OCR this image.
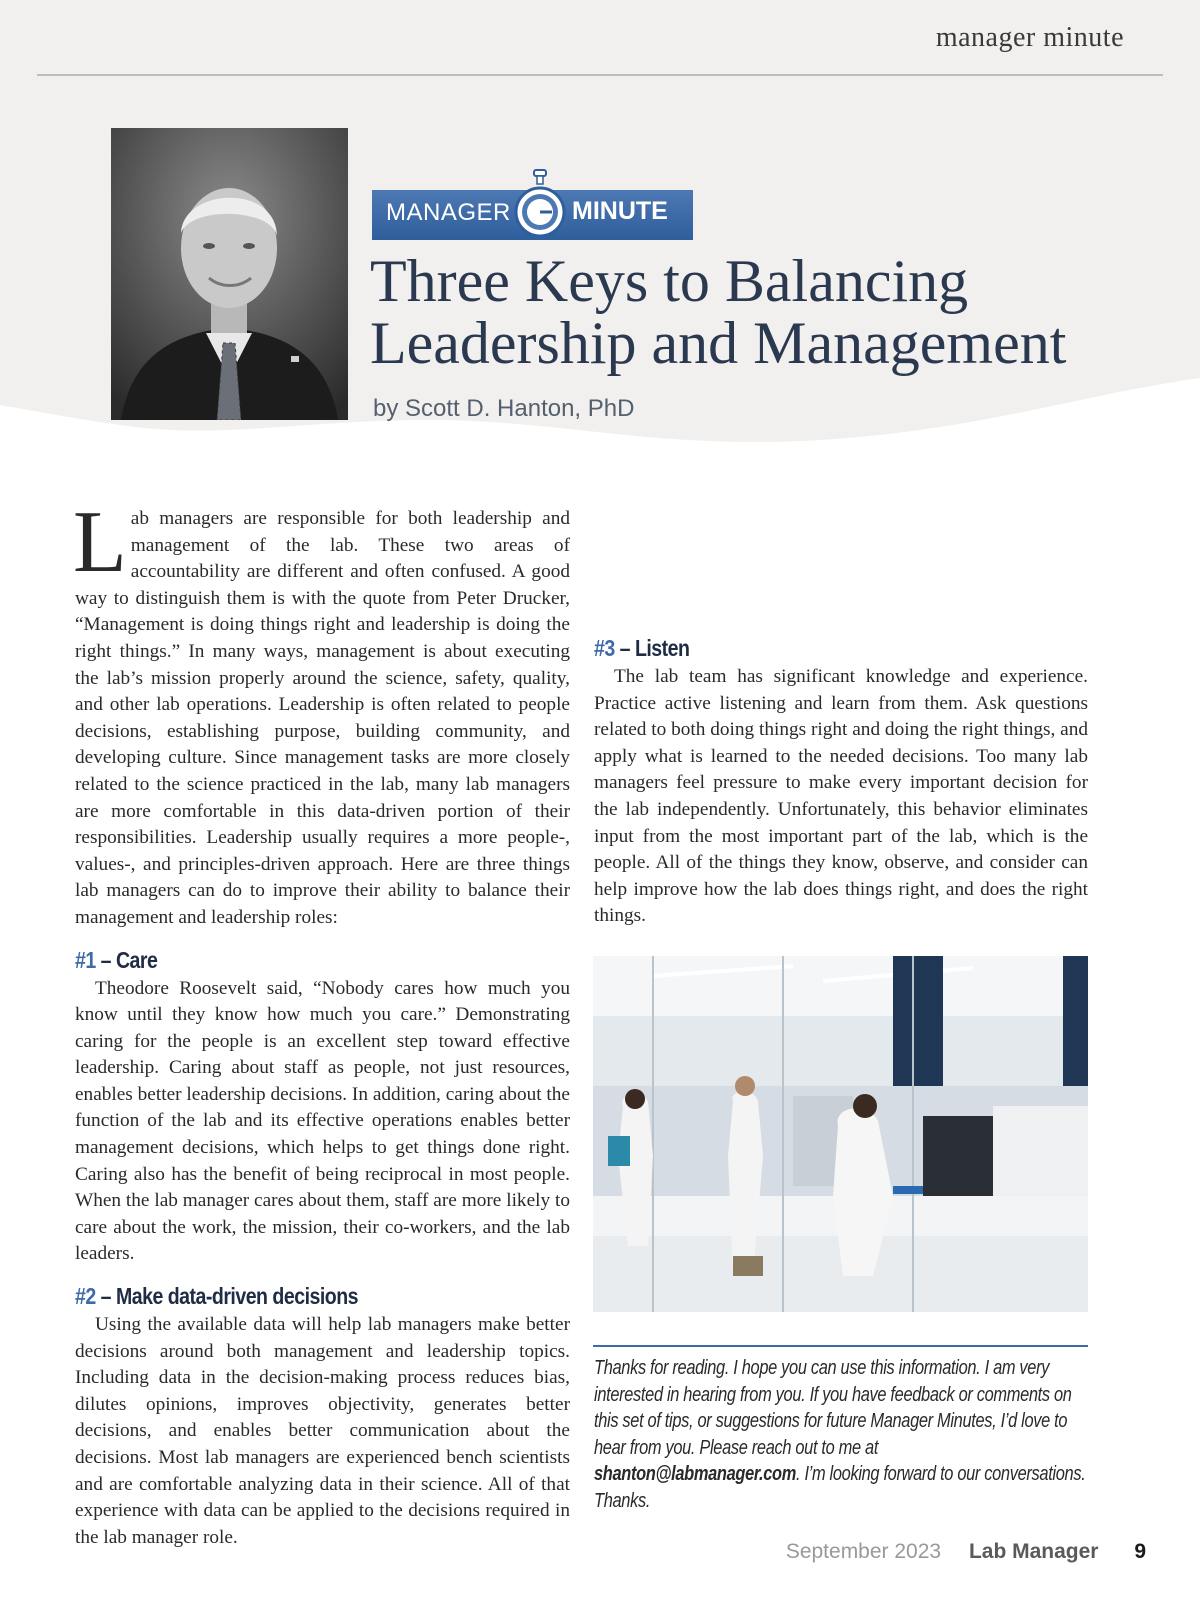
manager minute
MANAGER MINUTE
Three Keys to Balancing
Leadership and Management
by Scott D. Hanton, PhD

Lab managers are responsible for both leadership and management of the lab. These two areas of accountability are different and often confused. A good way to distinguish them is with the quote from Peter Drucker, “Management is doing things right and leadership is doing the right things.” In many ways, management is about executing the lab’s mission properly around the science, safety, quality, and other lab operations. Leadership is often related to people decisions, establishing purpose, building community, and developing culture. Since management tasks are more closely related to the science practiced in the lab, many lab managers are more comfortable in this data-driven portion of their responsibilities. Leadership usually requires a more people-, values-, and principles-driven approach. Here are three things lab managers can do to improve their ability to balance their management and leadership roles:

#1 – Care

Theodore Roosevelt said, “Nobody cares how much you know until they know how much you care.” Demonstrating caring for the people is an excellent step toward effective leadership. Caring about staff as people, not just resources, enables better leadership decisions. In addition, caring about the function of the lab and its effective operations enables better management decisions, which helps to get things done right. Caring also has the benefit of being reciprocal in most people. When the lab manager cares about them, staff are more likely to care about the work, the mission, their co-workers, and the lab leaders.

#2 – Make data-driven decisions

Using the available data will help lab managers make better decisions around both management and leadership topics. Including data in the decision-making process reduces bias, dilutes opinions, improves objectivity, generates better decisions, and enables better communication about the decisions. Most lab managers are experienced bench scientists and are comfortable analyzing data in their science. All of that experience with data can be applied to the decisions required in the lab manager role.

#3 – Listen

The lab team has significant knowledge and experience. Practice active listening and learn from them. Ask questions related to both doing things right and doing the right things, and apply what is learned to the needed decisions. Too many lab managers feel pressure to make every important decision for the lab independently. Unfortunately, this behavior eliminates input from the most important part of the lab, which is the people. All of the things they know, observe, and consider can help improve how the lab does things right, and does the right things.

Thanks for reading. I hope you can use this information. I am very interested in hearing from you. If you have feedback or comments on this set of tips, or suggestions for future Manager Minutes, I’d love to hear from you. Please reach out to me at shanton@labmanager.com. I’m looking forward to our conversations. Thanks.
September 2023 Lab Manager 9
